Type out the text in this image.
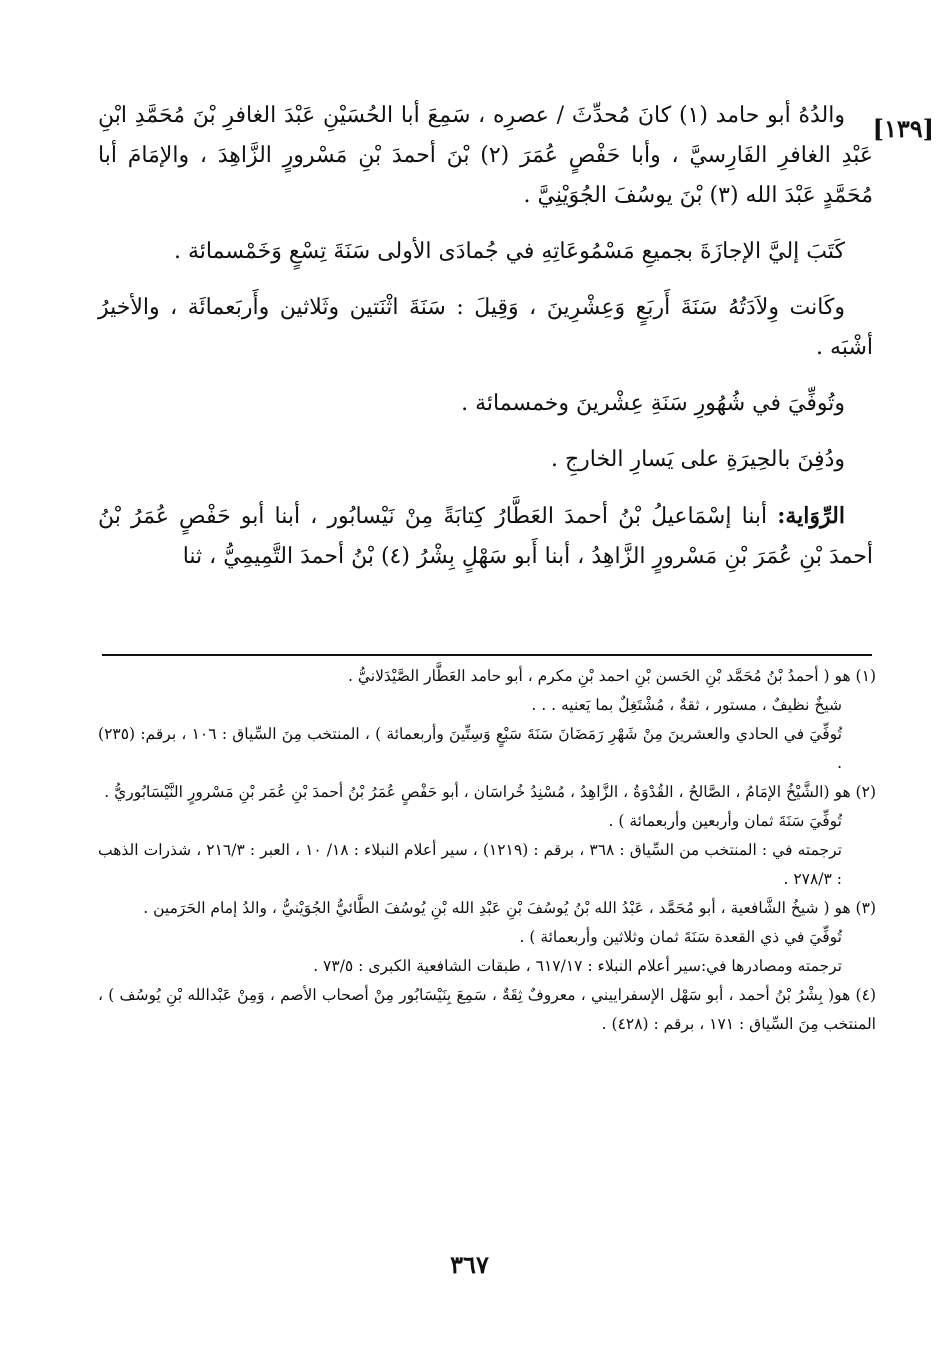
[١٣٩]

والدُهُ أبو حامد (١) كانَ مُحدِّثَ / عصرِه ، سَمِعَ أبا الحُسَيْنِ عَبْدَ الغافرِ بْنَ مُحَمَّدِ ابْنِ عَبْدِ الغافرِ الفَارِسيَّ ، وأبا حَفْصٍ عُمَرَ (٢) بْنَ أحمدَ بْنِ مَسْرورٍ الزَّاهِدَ ، والإمَامَ أبا مُحَمَّدٍ عَبْدَ الله (٣) بْنَ يوسُفَ الجُوَيْنِيَّ .

كَتَبَ إليَّ الإجازَةَ بجميعِ مَسْمُوعَاتِهِ في جُمادَى الأولى سَنَةَ تِسْعٍ وَخَمْسمائة .

وكَانت وِلاَدَتُهُ سَنَةَ أَربَعٍ وَعِشْرِينَ ، وَقِيلَ : سَنَةَ اثْنَتين وثَلاثين وأَربَعمائَة ، والأخيرُ أشْبَه .

وتُوفِّيَ في شُهُورِ سَنَةِ عِشْرينَ وخمسمائة .

ودُفِنَ بالحِيرَةِ على يَسارِ الخارجِ .

الرِّوَاية: أبنا إسْمَاعيلُ بْنُ أحمدَ العَطَّارُ كِتابَةً مِنْ نَيْسابُور ، أبنا أبو حَفْصٍ عُمَرُ بْنُ أحمدَ بْنِ عُمَرَ بْنِ مَسْرورٍ الزَّاهِدُ ، أبنا أَبو سَهْلٍ بِشْرُ (٤) بْنُ أحمدَ التَّمِيمِيُّ ، ثنا

(١) هو ( أحمدُ بْنُ مُحَمَّد بْنِ الحَسن بْنِ احمد بْنِ مكرم ، أبو حامد العَطَّار الصَّيْدَلانيُّ .

شيخٌ نظيفٌ ، مستور ، ثقةٌ ، مُشْتَغِلٌ بما يَعنيه . . .

تُوفِّيَ في الحادي والعشرينَ مِنْ شَهْرِ رَمَضَانَ سَنَةَ سَبْعٍ وَسِتِّينَ وأربعمائة ) ، المنتخب مِنَ السِّياق : ١٠٦ ، برقم: (٢٣٥) .

(٢) هو (الشَّيْخُ الإمَامُ ، الصَّالحُ ، القُدْوَةُ ، الزَّاهِدُ ، مُسْنِدُ خُراسَان ، أبو حَفْصٍ عُمَرُ بْنُ أحمدَ بْنِ عُمَر بْنِ مَسْرورٍ النَّيْسَابُوريُّ .

تُوفِّيَ سَنَةَ ثمان وأربعين وأربعمائة ) .

ترجمته في : المنتخب من السِّياق : ٣٦٨ ، برقم : (١٢١٩) ، سير أعلام النبلاء : ١٨/ ١٠ ، العبر : ٢١٦/٣ ، شذرات الذهب : ٢٧٨/٣ .

(٣) هو ( شيخُ الشَّافعية ، أبو مُحَمَّد ، عَبْدُ الله بْنُ يُوسُفَ بْنِ عَبْدِ الله بْنِ يُوسُفَ الطَّائيُّ الجُوَيْنيُّ ، والدُ إمام الحَرَمين .

تُوفِّيَ في ذي القعدة سَنَةَ ثمان وثلاثين وأربعمائة ) .

ترجمته ومصادرها في:سير أعلام النبلاء : ٦١٧/١٧ ، طبقات الشافعية الكبرى : ٧٣/٥ .

(٤) هو( بِشْرُ بْنُ أحمد ، أبو سَهْل الإسفراييني ، معروفٌ ثِقَةٌ ، سَمِعَ بِنَيْسَابُور مِنْ أصحاب الأصم ، وَمِنْ عَبْدالله بْنِ يُوسُف ) ، المنتخب مِنَ السِّياق : ١٧١ ، برقم : (٤٢٨) .

٣٦٧
